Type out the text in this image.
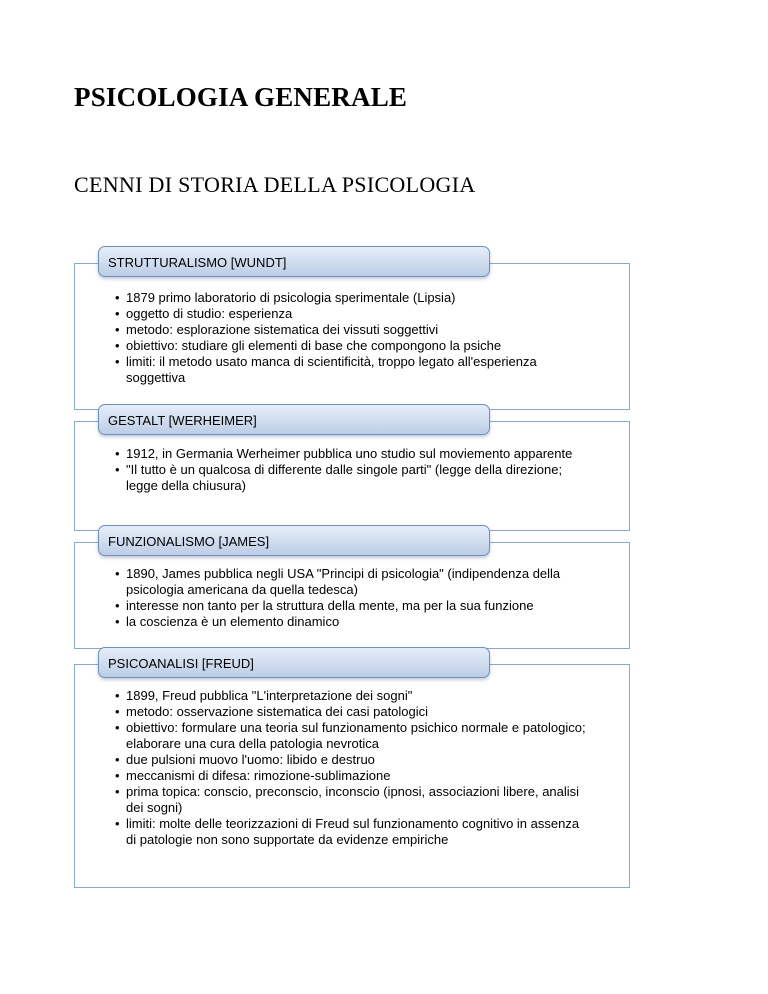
PSICOLOGIA GENERALE
CENNI DI STORIA DELLA PSICOLOGIA
STRUTTURALISMO [WUNDT]
• 1879 primo laboratorio di psicologia sperimentale (Lipsia)
• oggetto di studio: esperienza
• metodo: esplorazione sistematica dei vissuti soggettivi
• obiettivo: studiare gli elementi di base che compongono la psiche
• limiti: il metodo usato manca di scientificità, troppo legato all'esperienza soggettiva
GESTALT [WERHEIMER]
• 1912, in Germania Werheimer pubblica uno studio sul moviemento apparente
• "Il tutto è un qualcosa di differente dalle singole parti" (legge della direzione; legge della chiusura)
FUNZIONALISMO [JAMES]
• 1890, James pubblica negli USA "Principi di psicologia" (indipendenza della psicologia americana da quella tedesca)
• interesse non tanto per la struttura della mente, ma per la sua funzione
• la coscienza è un elemento dinamico
PSICOANALISI [FREUD]
• 1899, Freud pubblica "L'interpretazione dei sogni"
• metodo: osservazione sistematica dei casi patologici
• obiettivo: formulare una teoria sul funzionamento psichico normale e patologico; elaborare una cura della patologia nevrotica
• due pulsioni muovo l'uomo: libido e destruo
• meccanismi di difesa: rimozione-sublimazione
• prima topica: conscio, preconscio, inconscio (ipnosi, associazioni libere, analisi dei sogni)
• limiti: molte delle teorizzazioni di Freud sul funzionamento cognitivo in assenza di patologie non sono supportate da evidenze empiriche
